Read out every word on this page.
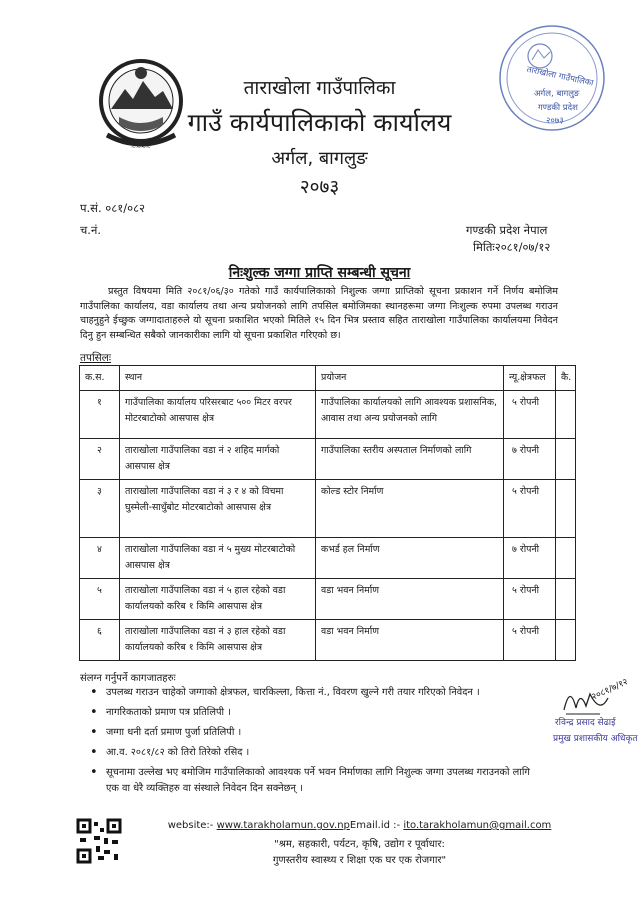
~~~~
ताराखोला गाउँपालिका
गाउँ कार्यपालिकाको कार्यालय
अर्गल, बागलुङ
२०७३
ताराखोला गाउँपालिका
अर्गल, बागलुङ
गण्डकी प्रदेश
२०७३
प.सं. ०८१/०८२
च.नं.	गण्डकी प्रदेश नेपाल
मितिः२०८१/०७/१२
निःशुल्क जग्गा प्राप्ति सम्बन्धी सूचना
प्रस्तुत विषयमा मिति २०८१/०६/३० गतेको गाउँ कार्यपालिकाको निशुल्क जग्गा प्राप्तिको सूचना प्रकाशन गर्ने निर्णय बमोजिम गाउँपालिका कार्यालय, वडा कार्यालय तथा अन्य प्रयोजनको लागि तपसिल बमोजिमका स्थानहरूमा जग्गा निःशुल्क रुपमा उपलब्ध गराउन चाहनुहुने ईच्छुक जग्गादाताहरुले यो सूचना प्रकाशित भएको मितिले १५ दिन भित्र प्रस्ताव सहित ताराखोला गाउँपालिका कार्यालयमा निवेदन दिनु हुन सम्बन्धित सबैको जानकारीका लागि यो सूचना प्रकाशित गरिएको छ।
तपसिलः
क.स.	स्थान	प्रयोजन	न्यू.क्षेत्रफल	कै.
१	गाउँपालिका कार्यालय परिसरबाट ५०० मिटर वरपर मोटरबाटोको आसपास क्षेत्र	गाउँपालिका कार्यालयको लागि आवश्यक प्रशासनिक, आवास तथा अन्य प्रयोजनको लागि	५ रोपनी	
२	ताराखोला गाउँपालिका वडा नं २ शहिद मार्गको आसपास क्षेत्र	गाउँपालिका स्तरीय अस्पताल निर्माणको लागि	७ रोपनी	
३	ताराखोला गाउँपालिका वडा नं ३ र ४ को विचमा घुस्मेली-साधुँबोट मोटरबाटोको आसपास क्षेत्र	कोल्ड स्टोर निर्माण	५ रोपनी	
४	ताराखोला गाउँपालिका वडा नं ५ मुख्य मोटरबाटोको आसपास क्षेत्र	कभर्ड हल निर्माण	७ रोपनी	
५	ताराखोला गाउँपालिका वडा नं ५ हाल रहेको वडा कार्यालयको करिब १ किमि आसपास क्षेत्र	वडा भवन निर्माण	५ रोपनी	
६	ताराखोला गाउँपालिका वडा नं ३ हाल रहेको वडा कार्यालयको करिब १ किमि आसपास क्षेत्र	वडा भवन निर्माण	५ रोपनी	
संलग्न गर्नुपर्ने कागजातहरुः
• उपलब्ध गराउन चाहेको जग्गाको क्षेत्रफल, चारकिल्ला, कित्ता नं., विवरण खुल्ने गरी तयार गरिएको निवेदन ।
• नागरिकताको प्रमाण पत्र प्रतिलिपी ।
• जग्गा धनी दर्ता प्रमाण पुर्जा प्रतिलिपी ।
• आ.व. २०८१/८२ को तिरो तिरेको रसिद ।
• सूचनामा उल्लेख भए बमोजिम गाउँपालिकाको आवश्यक पर्ने भवन निर्माणका लागि निशुल्क जग्गा उपलब्ध गराउनको लागि एक वा धेरै व्यक्तिहरु वा संस्थाले निवेदन दिन सक्नेछन् ।
२०८१/७/१२
रविन्द्र प्रसाद सेढाई
प्रमुख प्रशासकीय अधिकृत
website:- www.tarakholamun.gov.npEmail.id :- ito.tarakholamun@gmail.com
"श्रम, सहकारी, पर्यटन, कृषि, उद्योग र पूर्वाधार:
गुणस्तरीय स्वास्थ्य र शिक्षा एक घर एक रोजगार"
